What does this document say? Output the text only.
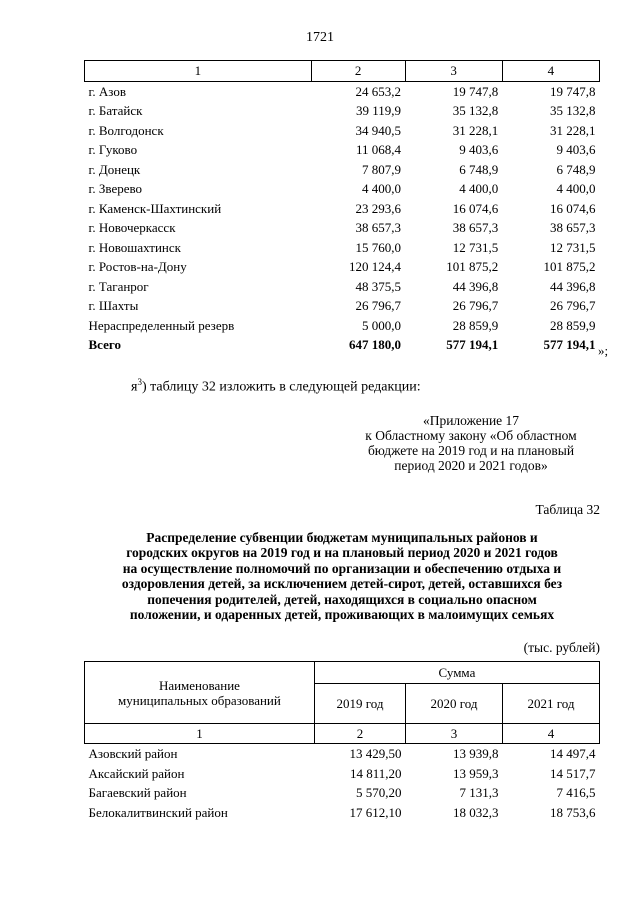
1721
1	2	3	4
г. Азов	24 653,2	19 747,8	19 747,8
г. Батайск	39 119,9	35 132,8	35 132,8
г. Волгодонск	34 940,5	31 228,1	31 228,1
г. Гуково	11 068,4	9 403,6	9 403,6
г. Донецк	7 807,9	6 748,9	6 748,9
г. Зверево	4 400,0	4 400,0	4 400,0
г. Каменск-Шахтинский	23 293,6	16 074,6	16 074,6
г. Новочеркасск	38 657,3	38 657,3	38 657,3
г. Новошахтинск	15 760,0	12 731,5	12 731,5
г. Ростов-на-Дону	120 124,4	101 875,2	101 875,2
г. Таганрог	48 375,5	44 396,8	44 396,8
г. Шахты	26 796,7	26 796,7	26 796,7
Нераспределенный резерв	5 000,0	28 859,9	28 859,9
Всего	647 180,0	577 194,1	577 194,1 »;
$я^3$) таблицу 32 изложить в следующей редакции:
«Приложение 17
к Областному закону «Об областном
бюджете на 2019 год и на плановый
период 2020 и 2021 годов»
Таблица 32
Распределение субвенции бюджетам муниципальных районов и
городских округов на 2019 год и на плановый период 2020 и 2021 годов
на осуществление полномочий по организации и обеспечению отдыха и
оздоровления детей, за исключением детей-сирот, детей, оставшихся без
попечения родителей, детей, находящихся в социально опасном
положении, и одаренных детей, проживающих в малоимущих семьях
(тыс. рублей)
Наименование
муниципальных образований	Сумма		
	2019 год	2020 год	2021 год
1	2	3	4
Азовский район	13 429,50	13 939,8	14 497,4
Аксайский район	14 811,20	13 959,3	14 517,7
Багаевский район	5 570,20	7 131,3	7 416,5
Белокалитвинский район	17 612,10	18 032,3	18 753,6
